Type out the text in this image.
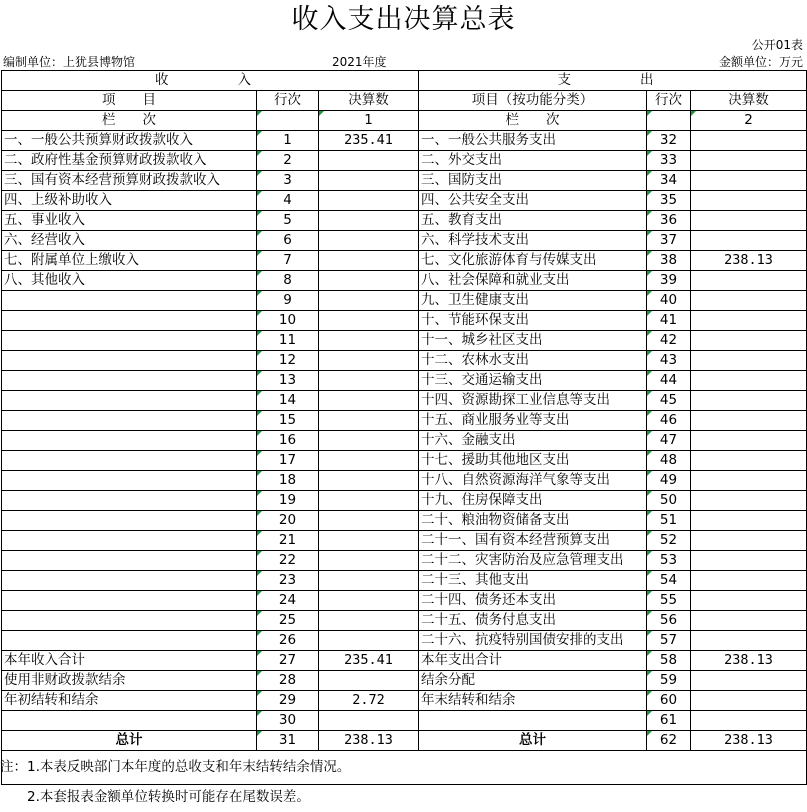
收入支出决算总表
公开01表
编制单位：上犹县博物馆	2021年度	金额单位：万元
收　　入			支　　出		
项　　目	行次	决算数	项目（按功能分类）	行次	决算数
栏　　次		1	栏　　次		2
一、一般公共预算财政拨款收入	1	235.41	一、一般公共服务支出	32	
二、政府性基金预算财政拨款收入	2		二、外交支出	33	
三、国有资本经营预算财政拨款收入	3		三、国防支出	34	
四、上级补助收入	4		四、公共安全支出	35	
五、事业收入	5		五、教育支出	36	
六、经营收入	6		六、科学技术支出	37	
七、附属单位上缴收入	7		七、文化旅游体育与传媒支出	38	238.13
八、其他收入	8		八、社会保障和就业支出	39	
	9		九、卫生健康支出	40	
	10		十、节能环保支出	41	
	11		十一、城乡社区支出	42	
	12		十二、农林水支出	43	
	13		十三、交通运输支出	44	
	14		十四、资源勘探工业信息等支出	45	
	15		十五、商业服务业等支出	46	
	16		十六、金融支出	47	
	17		十七、援助其他地区支出	48	
	18		十八、自然资源海洋气象等支出	49	
	19		十九、住房保障支出	50	
	20		二十、粮油物资储备支出	51	
	21		二十一、国有资本经营预算支出	52	
	22		二十二、灾害防治及应急管理支出	53	
	23		二十三、其他支出	54	
	24		二十四、债务还本支出	55	
	25		二十五、债务付息支出	56	
	26		二十六、抗疫特别国债安排的支出	57	
本年收入合计	27	235.41	本年支出合计	58	238.13
使用非财政拨款结余	28		结余分配	59	
年初结转和结余	29	2.72	年末结转和结余	60	
	30			61	
总计	31	238.13	总计	62	238.13
注：1.本表反映部门本年度的总收支和年末结转结余情况。
　　2.本套报表金额单位转换时可能存在尾数误差。
